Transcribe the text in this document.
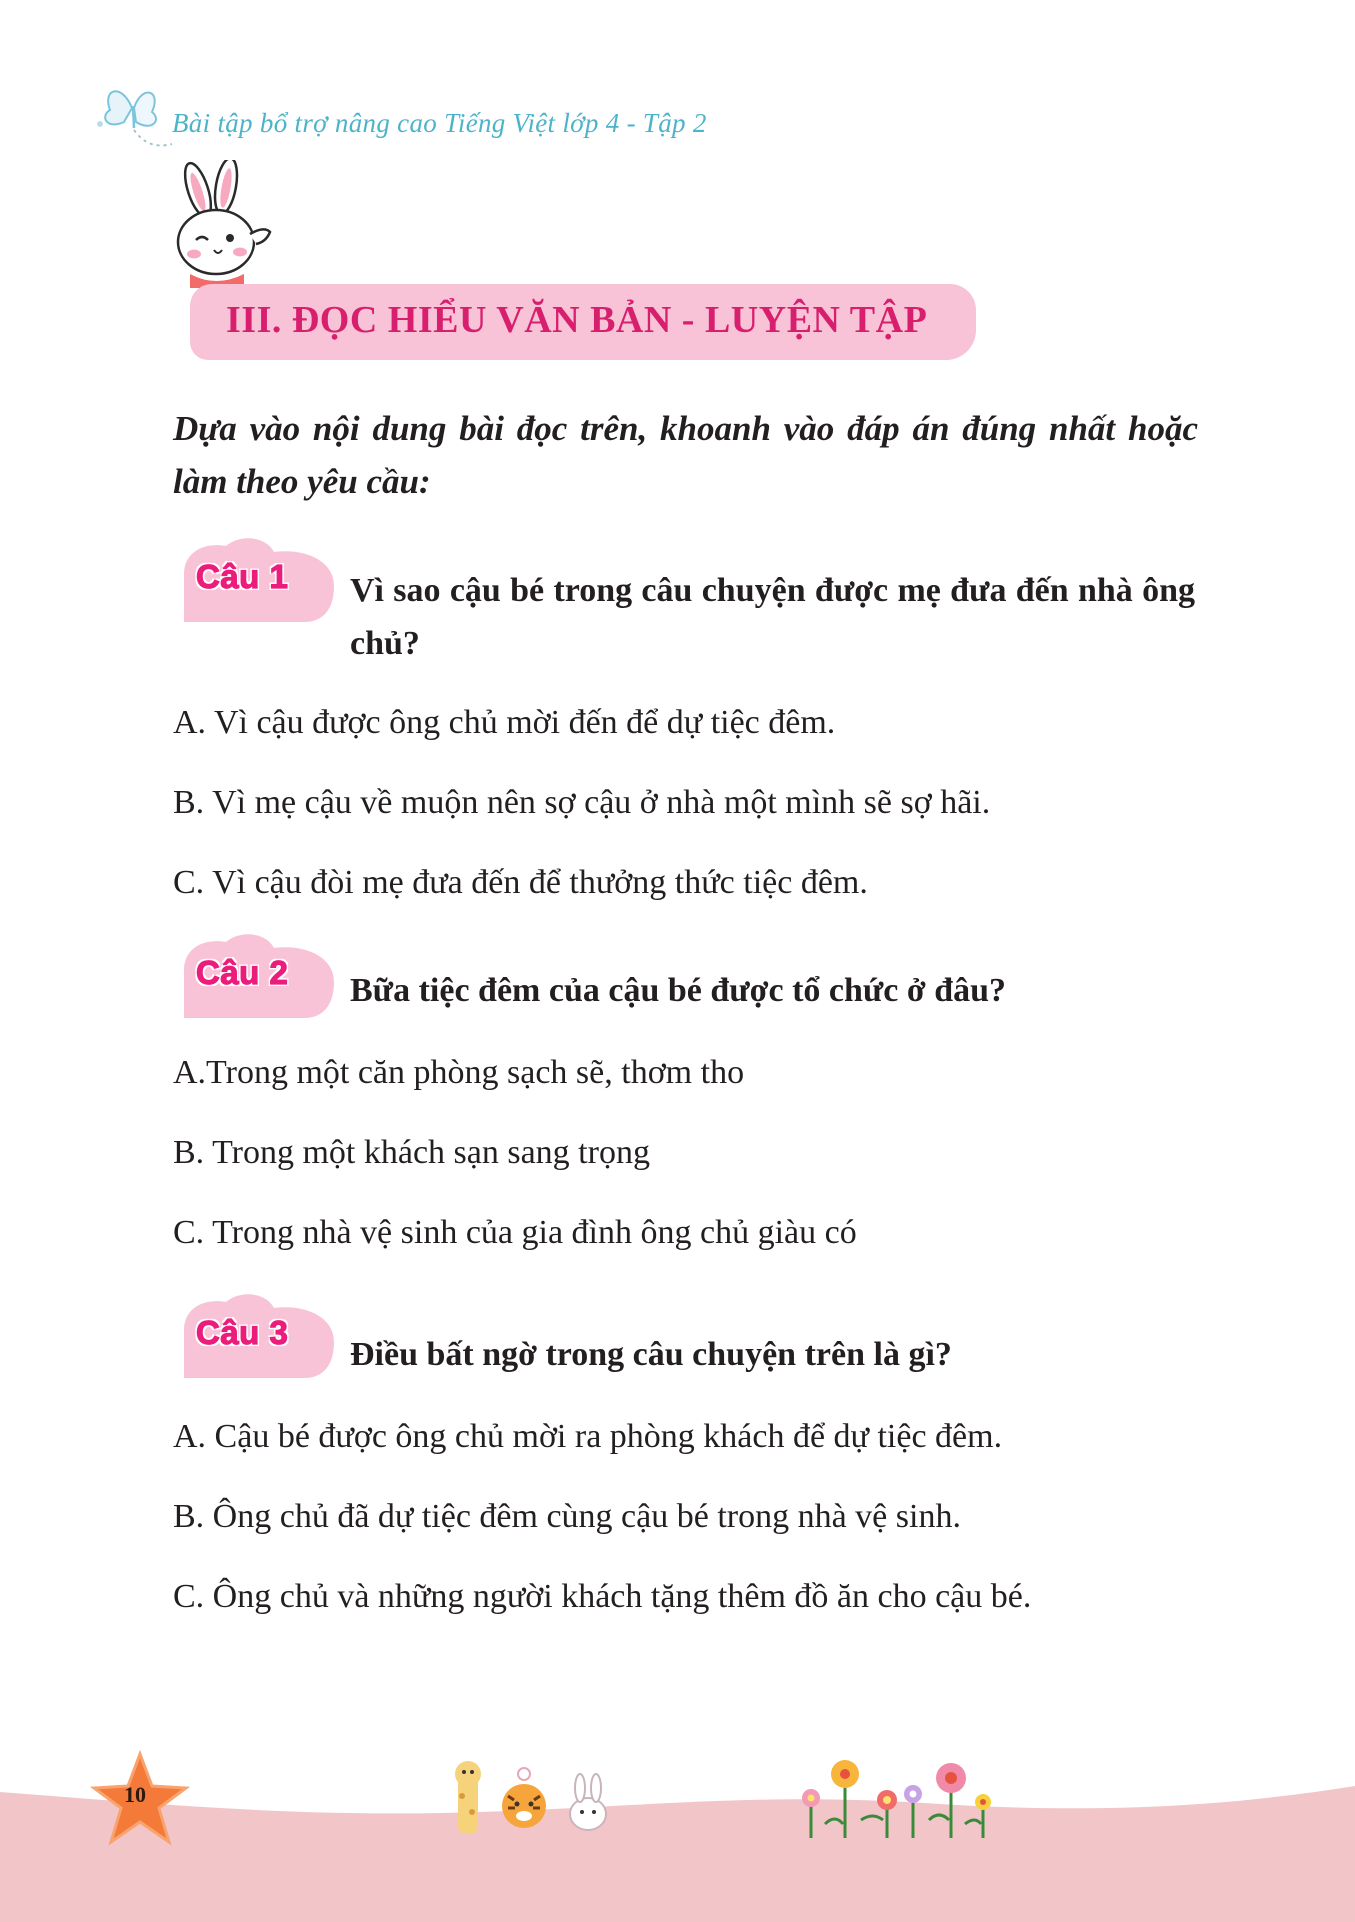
Bài tập bổ trợ nâng cao Tiếng Việt lớp 4 - Tập 2
III. ĐỌC HIỂU VĂN BẢN - LUYỆN TẬP
Dựa vào nội dung bài đọc trên, khoanh vào đáp án đúng nhất hoặc làm theo yêu cầu:
Câu 1 Vì sao cậu bé trong câu chuyện được mẹ đưa đến nhà ông chủ?
A. Vì cậu được ông chủ mời đến để dự tiệc đêm.
B. Vì mẹ cậu về muộn nên sợ cậu ở nhà một mình sẽ sợ hãi.
C. Vì cậu đòi mẹ đưa đến để thưởng thức tiệc đêm.
Câu 2 Bữa tiệc đêm của cậu bé được tổ chức ở đâu?
A.Trong một căn phòng sạch sẽ, thơm tho
B. Trong một khách sạn sang trọng
C. Trong nhà vệ sinh của gia đình ông chủ giàu có
Câu 3
Điều bất ngờ trong câu chuyện trên là gì?
A. Cậu bé được ông chủ mời ra phòng khách để dự tiệc đêm.
B. Ông chủ đã dự tiệc đêm cùng cậu bé trong nhà vệ sinh.
C. Ông chủ và những người khách tặng thêm đồ ăn cho cậu bé.
10
